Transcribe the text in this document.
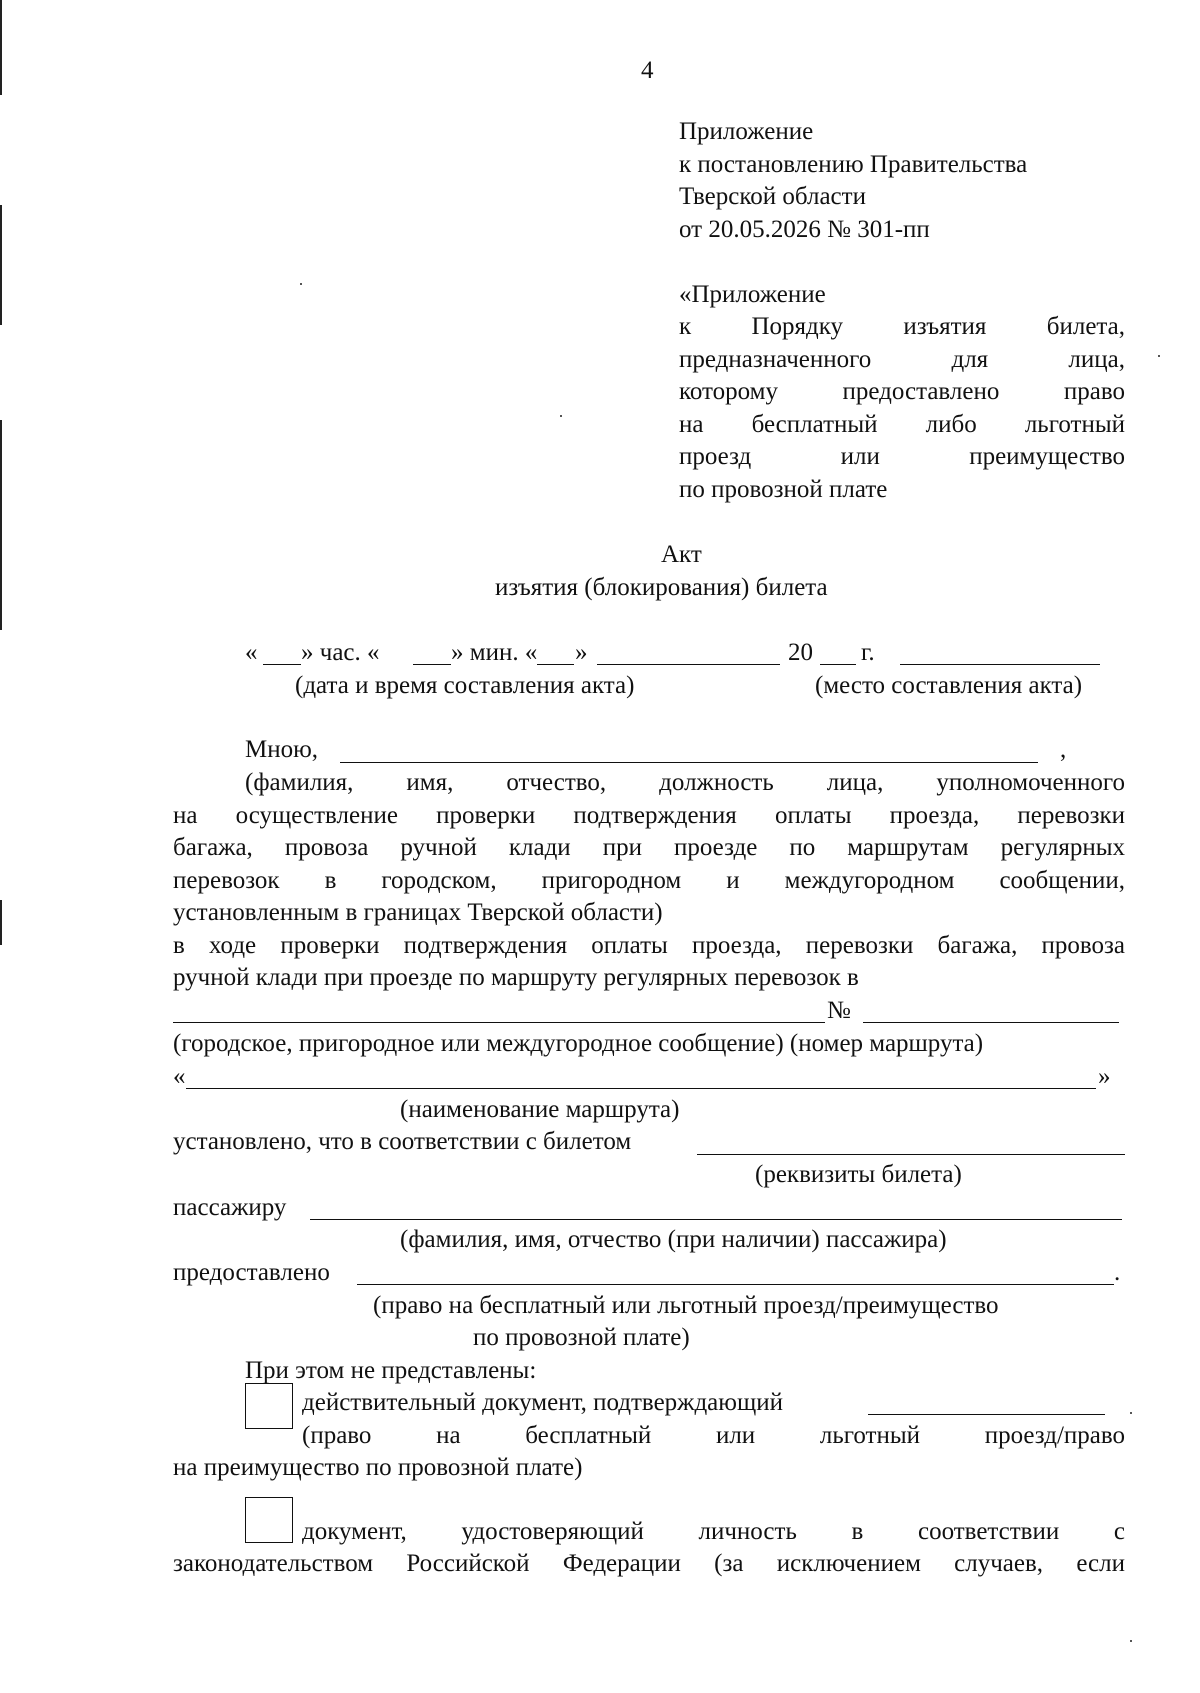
4
Приложение
к постановлению Правительства
Тверской области
от 20.05.2026 № 301-пп
«Приложение
к Порядку изъятия билета,
предназначенного для лица,
которому предоставлено право
на бесплатный либо льготный
проезд или преимущество
по провозной плате
Акт
изъятия (блокирования) билета
« » час. «	» мин. « »	20 г.
(дата и время составления акта)	(место составления акта)
Мною,	,
(фамилия, имя, отчество, должность лица, уполномоченного
на осуществление проверки подтверждения оплаты проезда, перевозки
багажа, провоза ручной клади при проезде по маршрутам регулярных
перевозок в городском, пригородном и междугородном сообщении,
установленным в границах Тверской области)
в ходе проверки подтверждения оплаты проезда, перевозки багажа, провоза
ручной клади при проезде по маршруту регулярных перевозок в
№
(городское, пригородное или междугородное сообщение) (номер маршрута)
«	»
(наименование маршрута)
установлено, что в соответствии с билетом
(реквизиты билета)
пассажиру
(фамилия, имя, отчество (при наличии) пассажира)
предоставлено	.
(право на бесплатный или льготный проезд/преимущество
по провозной плате)
При этом не представлены:
действительный документ, подтверждающий
(право на бесплатный или льготный проезд/право
на преимущество по провозной плате)
документ, удостоверяющий личность в соответствии с
законодательством Российской Федерации (за исключением случаев, если
